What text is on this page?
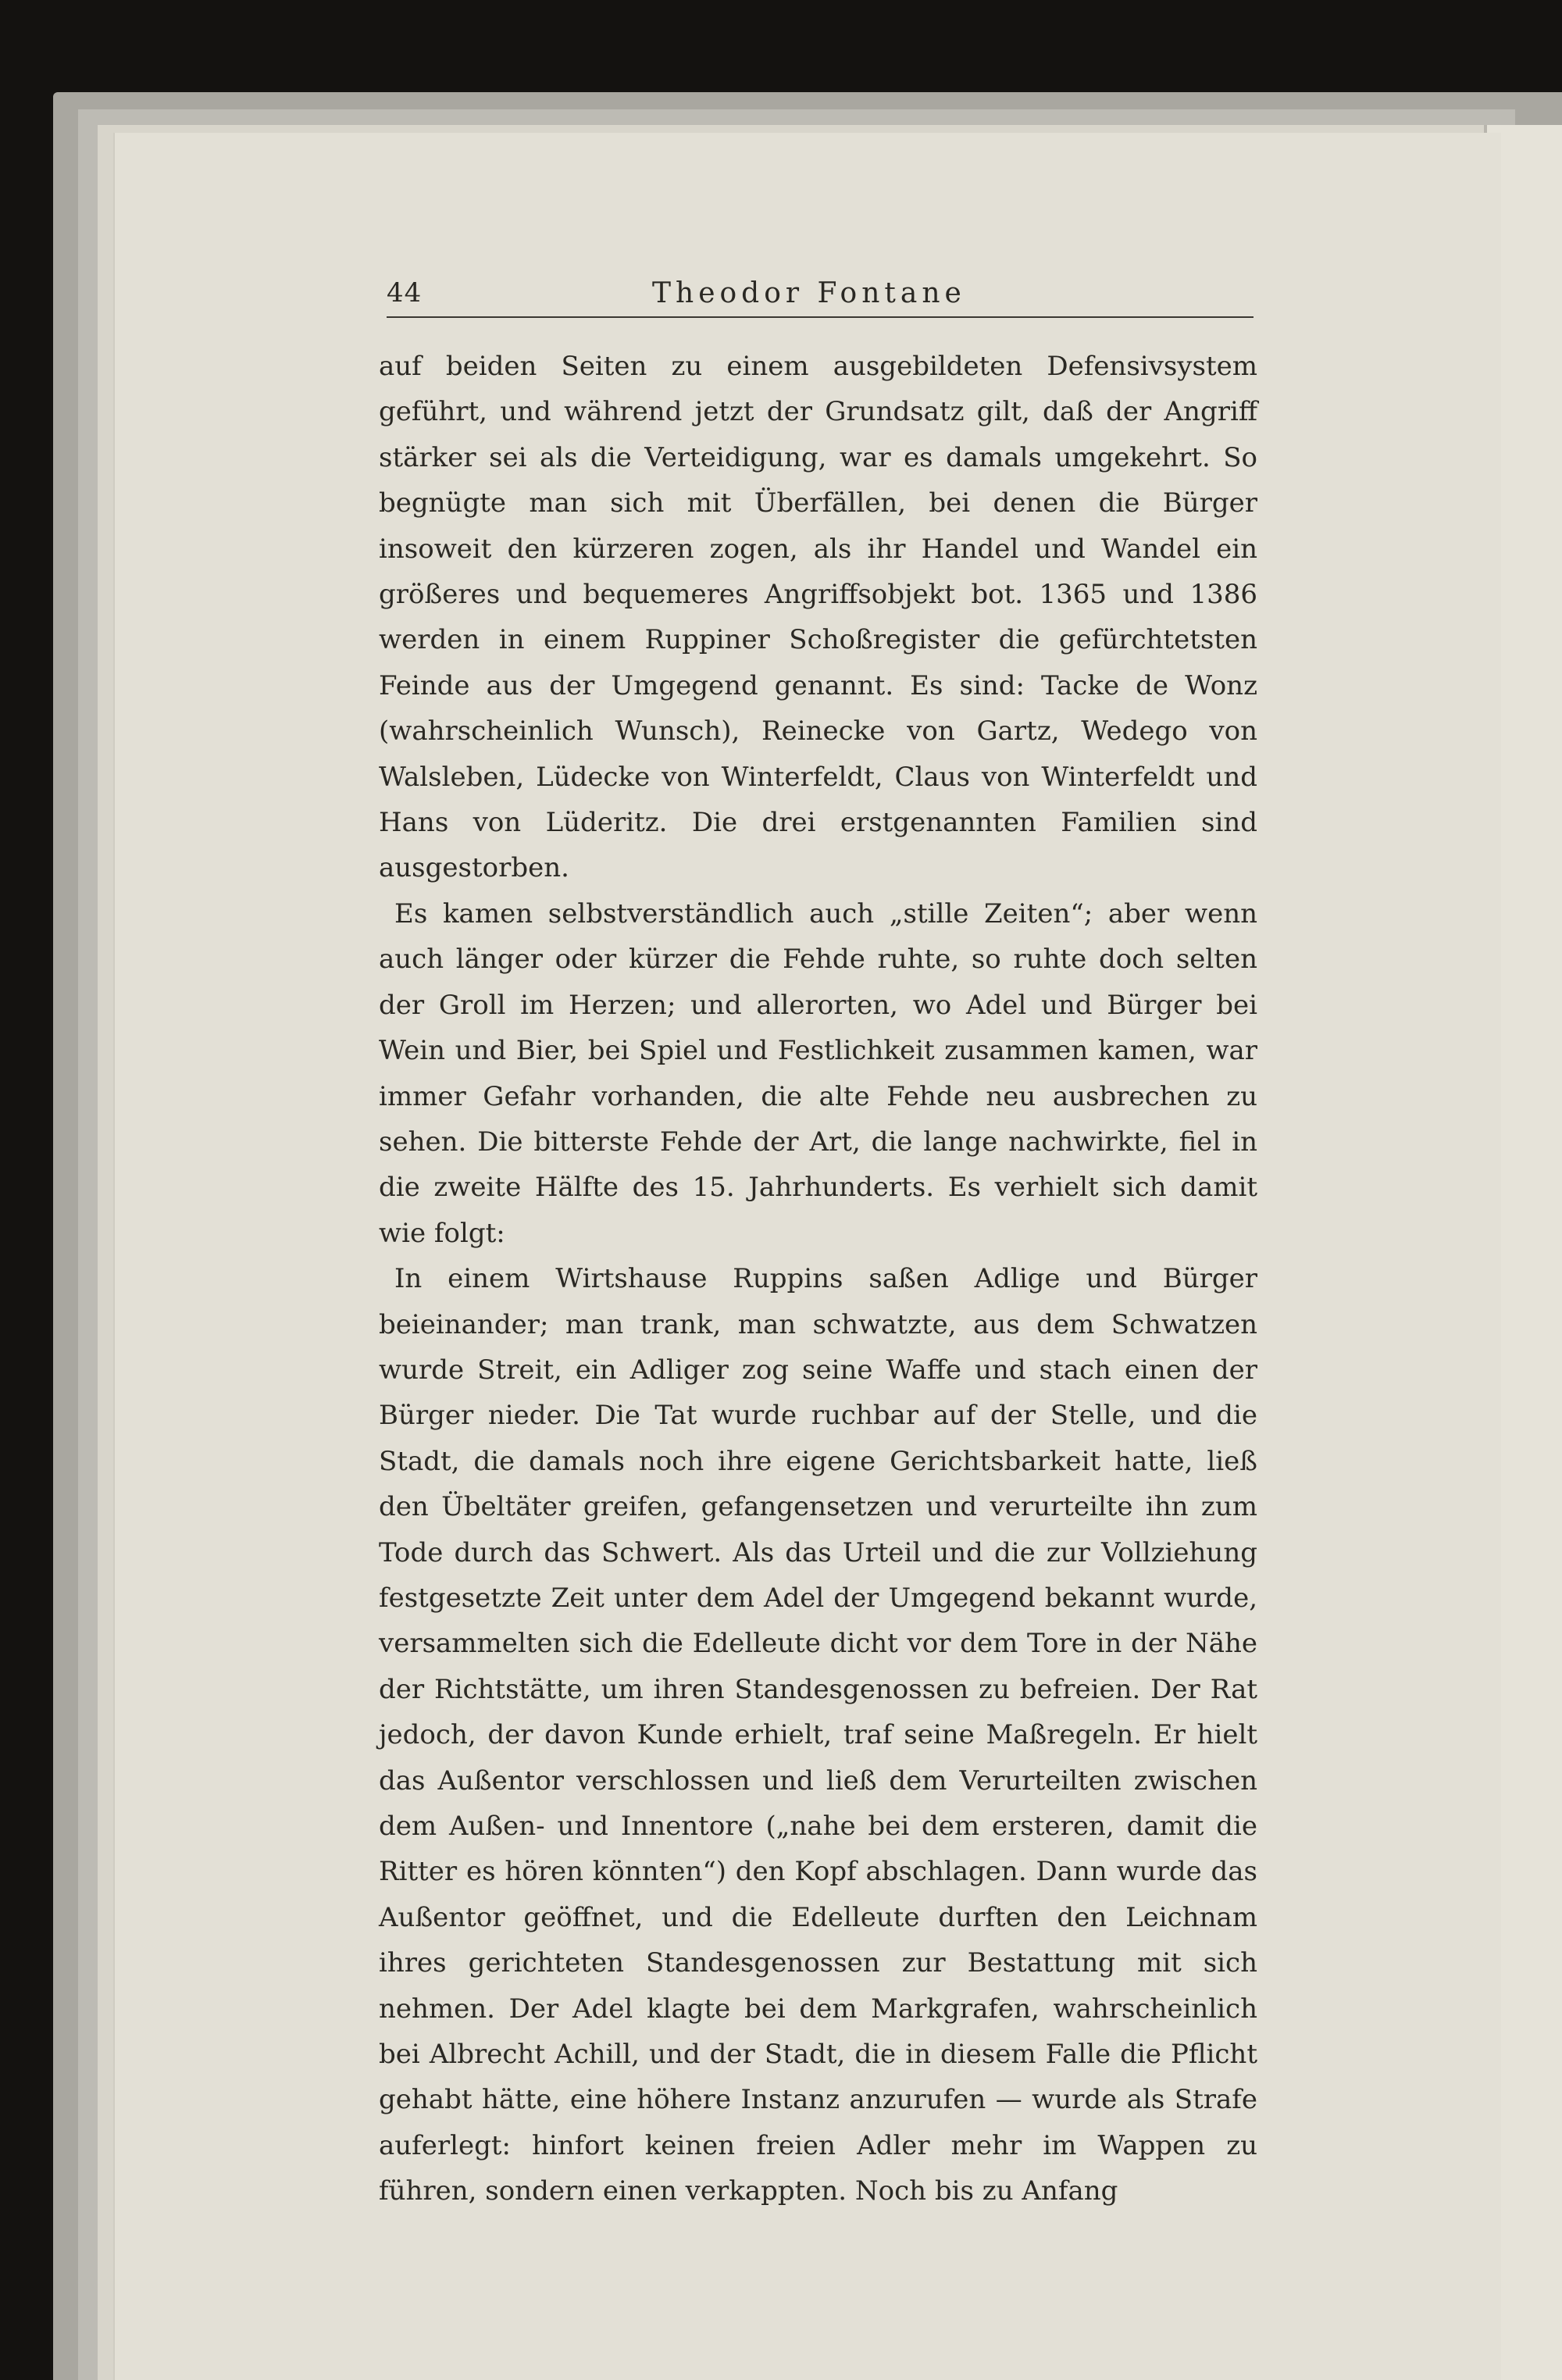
44	Theodor Fontane

auf beiden Seiten zu einem ausgebildeten Defensivsystem geführt, und während jetzt der Grundsatz gilt, daß der Angriff stärker sei als die Verteidigung, war es damals umgekehrt. So begnügte man sich mit Überfällen, bei denen die Bürger insoweit den kürzeren zogen, als ihr Handel und Wandel ein größeres und bequemeres Angriffsobjekt bot. 1365 und 1386 werden in einem Ruppiner Schoßregister die gefürchtetsten Feinde aus der Umgegend genannt. Es sind: Tacke de Wonz (wahrscheinlich Wunsch), Reinecke von Gartz, Wedego von Walsleben, Lüdecke von Winterfeldt, Claus von Winterfeldt und Hans von Lüderitz. Die drei erstgenannten Familien sind ausgestorben.

Es kamen selbstverständlich auch „stille Zeiten“; aber wenn auch länger oder kürzer die Fehde ruhte, so ruhte doch selten der Groll im Herzen; und allerorten, wo Adel und Bürger bei Wein und Bier, bei Spiel und Festlichkeit zusammen kamen, war immer Gefahr vorhanden, die alte Fehde neu ausbrechen zu sehen. Die bitterste Fehde der Art, die lange nachwirkte, fiel in die zweite Hälfte des 15. Jahrhunderts. Es verhielt sich damit wie folgt:

In einem Wirtshause Ruppins saßen Adlige und Bürger beieinander; man trank, man schwatzte, aus dem Schwatzen wurde Streit, ein Adliger zog seine Waffe und stach einen der Bürger nieder. Die Tat wurde ruchbar auf der Stelle, und die Stadt, die damals noch ihre eigene Gerichtsbarkeit hatte, ließ den Übeltäter greifen, gefangensetzen und verurteilte ihn zum Tode durch das Schwert. Als das Urteil und die zur Vollziehung festgesetzte Zeit unter dem Adel der Umgegend bekannt wurde, versammelten sich die Edelleute dicht vor dem Tore in der Nähe der Richtstätte, um ihren Standesgenossen zu befreien. Der Rat jedoch, der davon Kunde erhielt, traf seine Maßregeln. Er hielt das Außentor verschlossen und ließ dem Verurteilten zwischen dem Außen- und Innentore („nahe bei dem ersteren, damit die Ritter es hören könnten“) den Kopf abschlagen. Dann wurde das Außentor geöffnet, und die Edelleute durften den Leichnam ihres gerichteten Standesgenossen zur Bestattung mit sich nehmen. Der Adel klagte bei dem Markgrafen, wahrscheinlich bei Albrecht Achill, und der Stadt, die in diesem Falle die Pflicht gehabt hätte, eine höhere Instanz anzurufen — wurde als Strafe auferlegt: hinfort keinen freien Adler mehr im Wappen zu führen, sondern einen verkappten. Noch bis zu Anfang
